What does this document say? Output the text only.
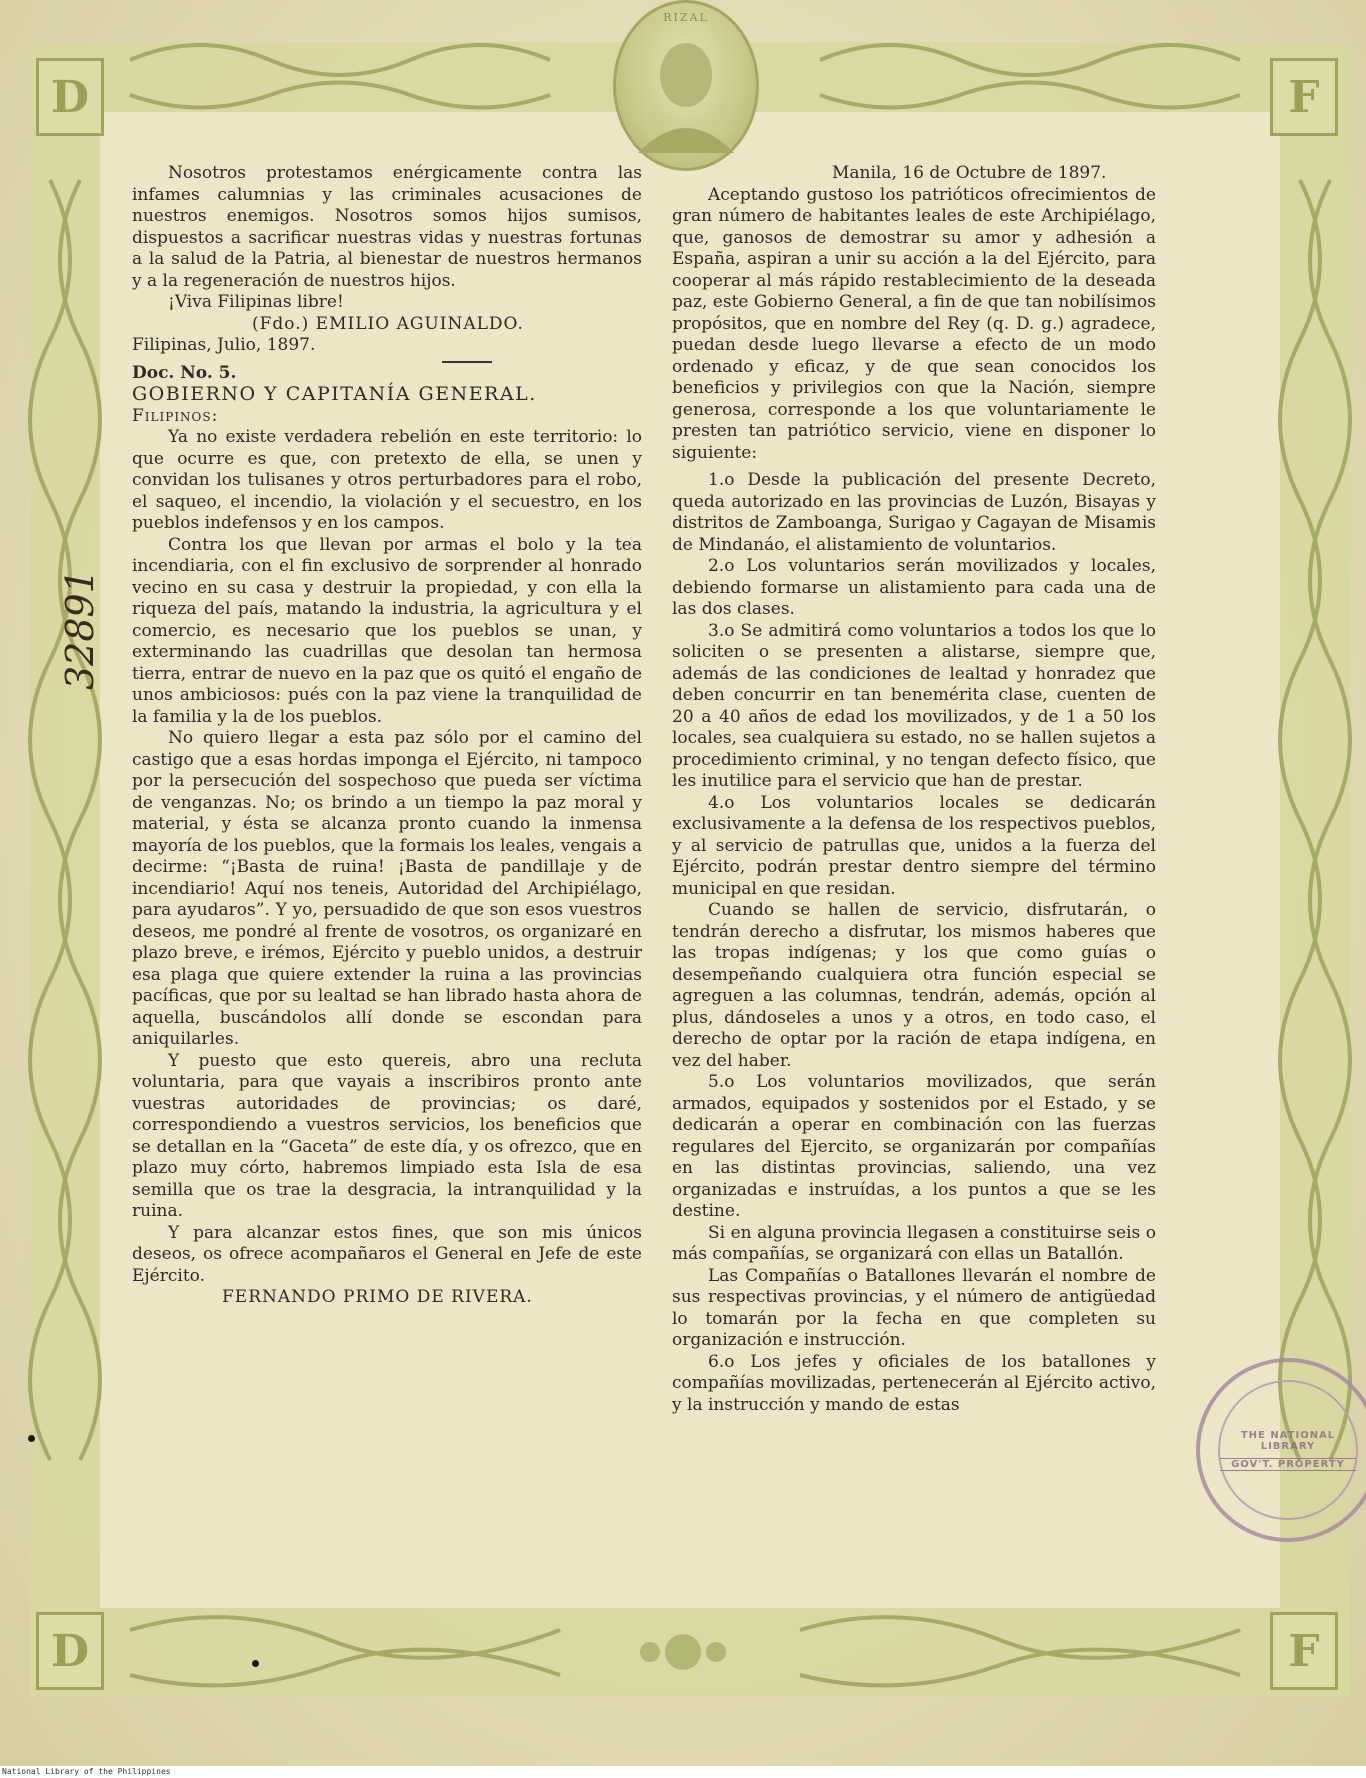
D	F
D	F
RIZAL

Nosotros protestamos enérgicamente contra las infames calumnias y las criminales acusaciones de nuestros enemigos. Nosotros somos hijos sumisos, dispuestos a sacrificar nuestras vidas y nuestras fortunas a la salud de la Patria, al bienestar de nuestros hermanos y a la regeneración de nuestros hijos.

¡Viva Filipinas libre!

(Fdo.) EMILIO AGUINALDO.

Filipinas, Julio, 1897.

Doc. No. 5.

GOBIERNO Y CAPITANÍA GENERAL.

Filipinos:

Ya no existe verdadera rebelión en este territorio: lo que ocurre es que, con pretexto de ella, se unen y convidan los tulisanes y otros perturbadores para el robo, el saqueo, el incendio, la violación y el secuestro, en los pueblos indefensos y en los campos.

Contra los que llevan por armas el bolo y la tea incendiaria, con el fin exclusivo de sorprender al honrado vecino en su casa y destruir la propiedad, y con ella la riqueza del país, matando la industria, la agricultura y el comercio, es necesario que los pueblos se unan, y exterminando las cuadrillas que desolan tan hermosa tierra, entrar de nuevo en la paz que os quitó el engaño de unos ambiciosos: pués con la paz viene la tranquilidad de la familia y la de los pueblos.

No quiero llegar a esta paz sólo por el camino del castigo que a esas hordas imponga el Ejército, ni tampoco por la persecución del sospechoso que pueda ser víctima de venganzas. No; os brindo a un tiempo la paz moral y material, y ésta se alcanza pronto cuando la inmensa mayoría de los pueblos, que la formais los leales, vengais a decirme: “¡Basta de ruina! ¡Basta de pandillaje y de incendiario! Aquí nos teneis, Autoridad del Archipiélago, para ayudaros”. Y yo, persuadido de que son esos vuestros deseos, me pondré al frente de vosotros, os organizaré en plazo breve, e irémos, Ejército y pueblo unidos, a destruir esa plaga que quiere extender la ruina a las provincias pacíficas, que por su lealtad se han librado hasta ahora de aquella, buscándolos allí donde se escondan para aniquilarles.

Y puesto que esto quereis, abro una recluta voluntaria, para que vayais a inscribiros pronto ante vuestras autoridades de provincias; os daré, correspondiendo a vuestros servicios, los beneficios que se detallan en la “Gaceta” de este día, y os ofrezco, que en plazo muy córto, habremos limpiado esta Isla de esa semilla que os trae la desgracia, la intranquilidad y la ruina.

Y para alcanzar estos fines, que son mis únicos deseos, os ofrece acompañaros el General en Jefe de este Ejército.

FERNANDO PRIMO DE RIVERA.

Manila, 16 de Octubre de 1897.

Aceptando gustoso los patrióticos ofrecimientos de gran número de habitantes leales de este Archipiélago, que, ganosos de demostrar su amor y adhesión a España, aspiran a unir su acción a la del Ejército, para cooperar al más rápido restablecimiento de la deseada paz, este Gobierno General, a fin de que tan nobilísimos propósitos, que en nombre del Rey (q. D. g.) agradece, puedan desde luego llevarse a efecto de un modo ordenado y eficaz, y de que sean conocidos los beneficios y privilegios con que la Nación, siempre generosa, corresponde a los que voluntariamente le presten tan patriótico servicio, viene en disponer lo siguiente:

1.o Desde la publicación del presente Decreto, queda autorizado en las provincias de Luzón, Bisayas y distritos de Zamboanga, Surigao y Cagayan de Misamis de Mindanáo, el alistamiento de voluntarios.

2.o Los voluntarios serán movilizados y locales, debiendo formarse un alistamiento para cada una de las dos clases.

3.o Se admitirá como voluntarios a todos los que lo soliciten o se presenten a alistarse, siempre que, además de las condiciones de lealtad y honradez que deben concurrir en tan benemérita clase, cuenten de 20 a 40 años de edad los movilizados, y de 1 a 50 los locales, sea cualquiera su estado, no se hallen sujetos a procedimiento criminal, y no tengan defecto físico, que les inutilice para el servicio que han de prestar.

4.o Los voluntarios locales se dedicarán exclusivamente a la defensa de los respectivos pueblos, y al servicio de patrullas que, unidos a la fuerza del Ejército, podrán prestar dentro siempre del término municipal en que residan.

Cuando se hallen de servicio, disfrutarán, o tendrán derecho a disfrutar, los mismos haberes que las tropas indígenas; y los que como guías o desempeñando cualquiera otra función especial se agreguen a las columnas, tendrán, además, opción al plus, dándoseles a unos y a otros, en todo caso, el derecho de optar por la ración de etapa indígena, en vez del haber.

5.o Los voluntarios movilizados, que serán armados, equipados y sostenidos por el Estado, y se dedicarán a operar en combinación con las fuerzas regulares del Ejercito, se organizarán por compañías en las distintas provincias, saliendo, una vez organizadas e instruídas, a los puntos a que se les destine.

Si en alguna provincia llegasen a constituirse seis o más compañías, se organizará con ellas un Batallón.

Las Compañías o Batallones llevarán el nombre de sus respectivas provincias, y el número de antigüedad lo tomarán por la fecha en que completen su organización e instrucción.

6.o Los jefes y oficiales de los batallones y compañías movilizadas, pertenecerán al Ejército activo, y la instrucción y mando de estas

32891
THE NATIONAL LIBRARY
GOV'T. PROPERTY
National Library of the Philippines
